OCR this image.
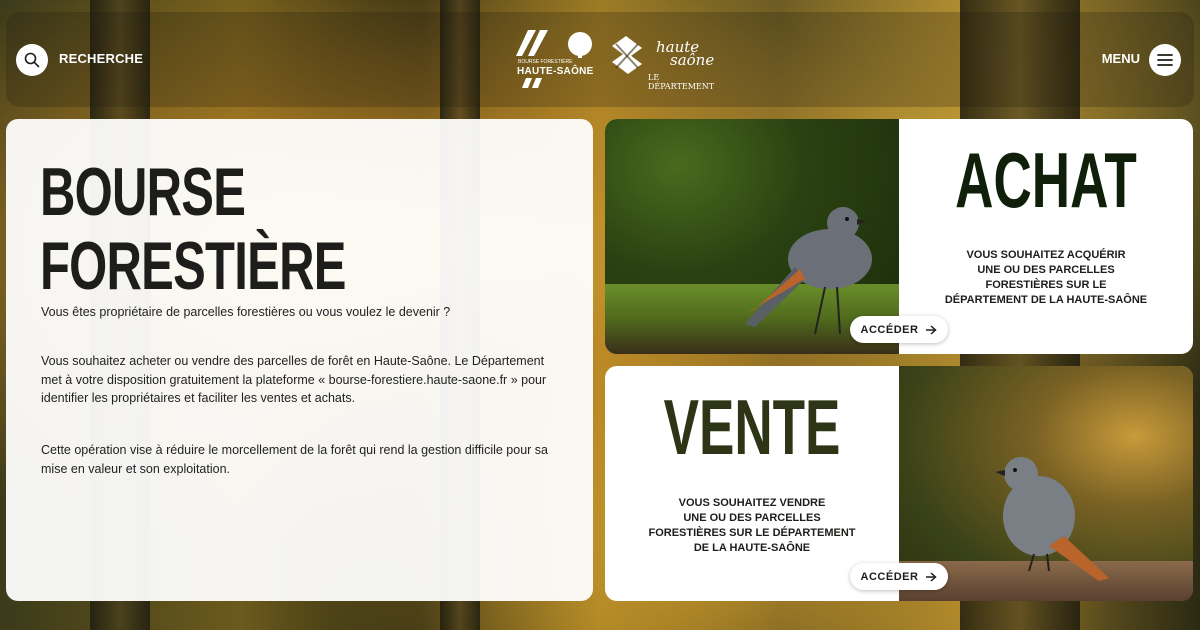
RECHERCHE	BOURSE FORESTIÈRE
HAUTE-SAÔNE
haute
saône
LE DÉPARTEMENT
MENU
BOURSE
FORESTIÈRE

Vous êtes propriétaire de parcelles forestières ou vous voulez le devenir ?

Vous souhaitez acheter ou vendre des parcelles de forêt en Haute-Saône. Le Département met à votre disposition gratuitement la plateforme « bourse-forestiere.haute-saone.fr » pour identifier les propriétaires et faciliter les ventes et achats.

Cette opération vise à réduire le morcellement de la forêt qui rend la gestion difficile pour sa mise en valeur et son exploitation.

ACHAT

VOUS SOUHAITEZ ACQUÉRIR
UNE OU DES PARCELLES
FORESTIÈRES SUR LE
DÉPARTEMENT DE LA HAUTE-SAÔNE

ACCÉDER
VENTE

VOUS SOUHAITEZ VENDRE
UNE OU DES PARCELLES
FORESTIÈRES SUR LE DÉPARTEMENT
DE LA HAUTE-SAÔNE

ACCÉDER
